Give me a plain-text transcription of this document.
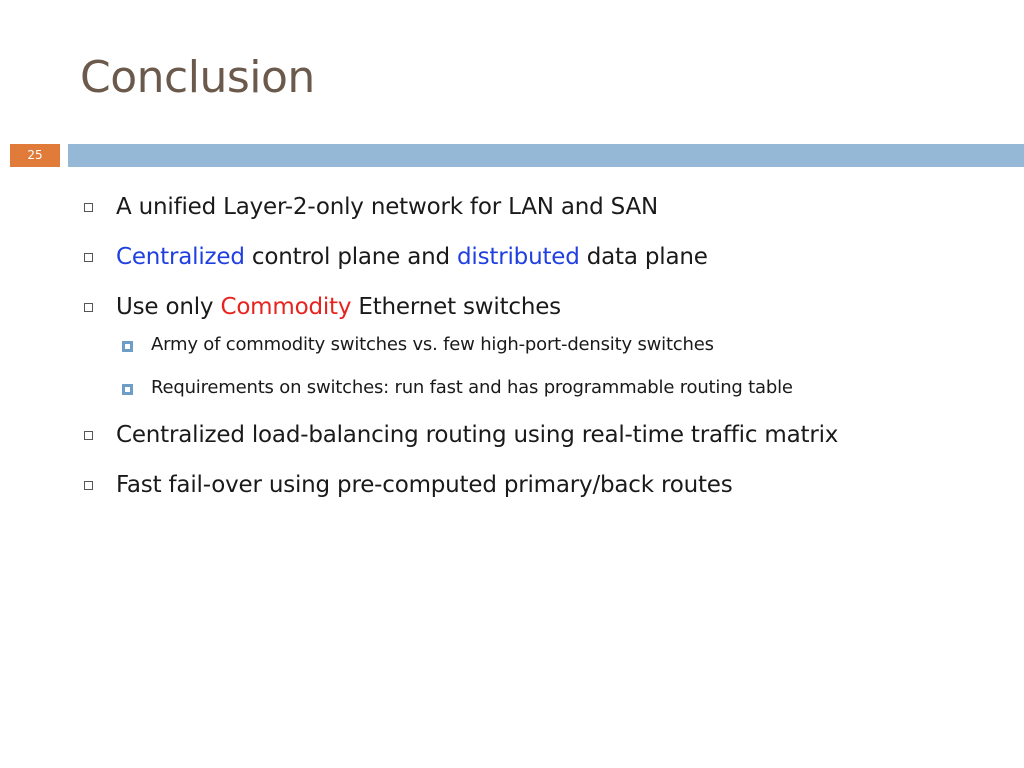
Conclusion
25
A unified Layer-2-only network for LAN and SAN
Centralized control plane and distributed data plane
Use only Commodity Ethernet switches
Army of commodity switches vs. few high-port-density switches
Requirements on switches: run fast and has programmable routing table
Centralized load-balancing routing using real-time traffic matrix
Fast fail-over using pre-computed primary/back routes
